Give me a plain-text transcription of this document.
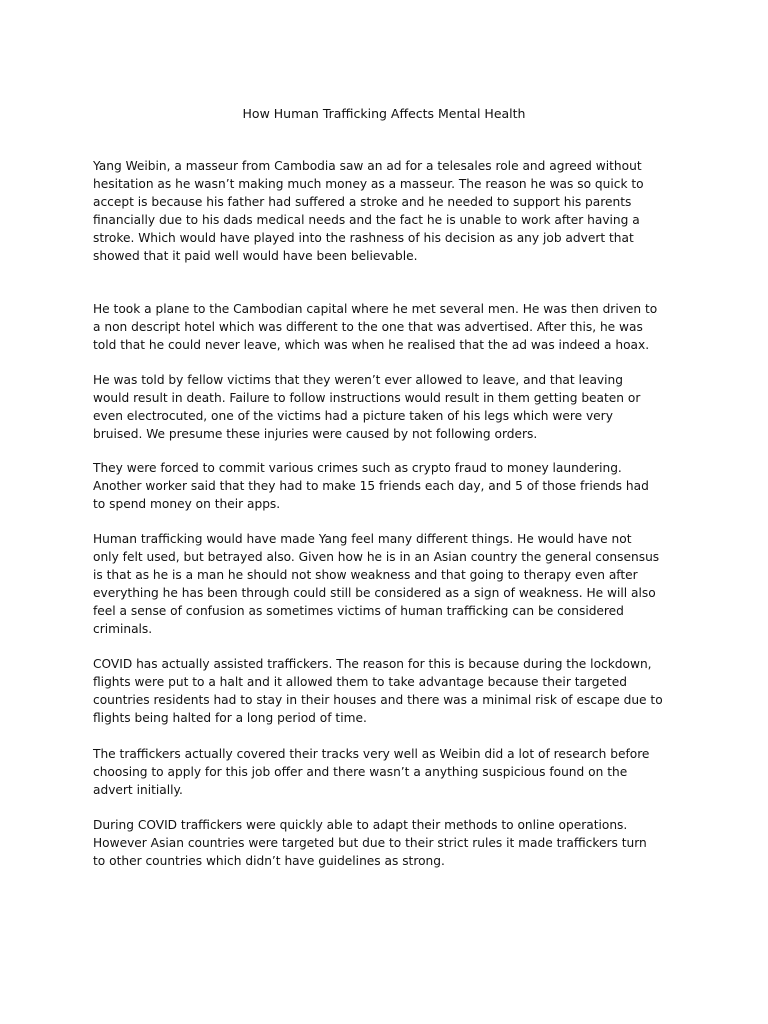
How Human Trafficking Affects Mental Health

Yang Weibin, a masseur from Cambodia saw an ad for a telesales role and agreed without
hesitation as he wasn’t making much money as a masseur. The reason he was so quick to
accept is because his father had suffered a stroke and he needed to support his parents
financially due to his dads medical needs and the fact he is unable to work after having a
stroke. Which would have played into the rashness of his decision as any job advert that
showed that it paid well would have been believable.

He took a plane to the Cambodian capital where he met several men. He was then driven to
a non descript hotel which was different to the one that was advertised. After this, he was
told that he could never leave, which was when he realised that the ad was indeed a hoax.

He was told by fellow victims that they weren’t ever allowed to leave, and that leaving
would result in death. Failure to follow instructions would result in them getting beaten or
even electrocuted, one of the victims had a picture taken of his legs which were very
bruised. We presume these injuries were caused by not following orders.

They were forced to commit various crimes such as crypto fraud to money laundering.
Another worker said that they had to make 15 friends each day, and 5 of those friends had
to spend money on their apps.

Human trafficking would have made Yang feel many different things. He would have not
only felt used, but betrayed also. Given how he is in an Asian country the general consensus
is that as he is a man he should not show weakness and that going to therapy even after
everything he has been through could still be considered as a sign of weakness. He will also
feel a sense of confusion as sometimes victims of human trafficking can be considered
criminals.

COVID has actually assisted traffickers. The reason for this is because during the lockdown,
flights were put to a halt and it allowed them to take advantage because their targeted
countries residents had to stay in their houses and there was a minimal risk of escape due to
flights being halted for a long period of time.

The traffickers actually covered their tracks very well as Weibin did a lot of research before
choosing to apply for this job offer and there wasn’t a anything suspicious found on the
advert initially.

During COVID traffickers were quickly able to adapt their methods to online operations.
However Asian countries were targeted but due to their strict rules it made traffickers turn
to other countries which didn’t have guidelines as strong.
